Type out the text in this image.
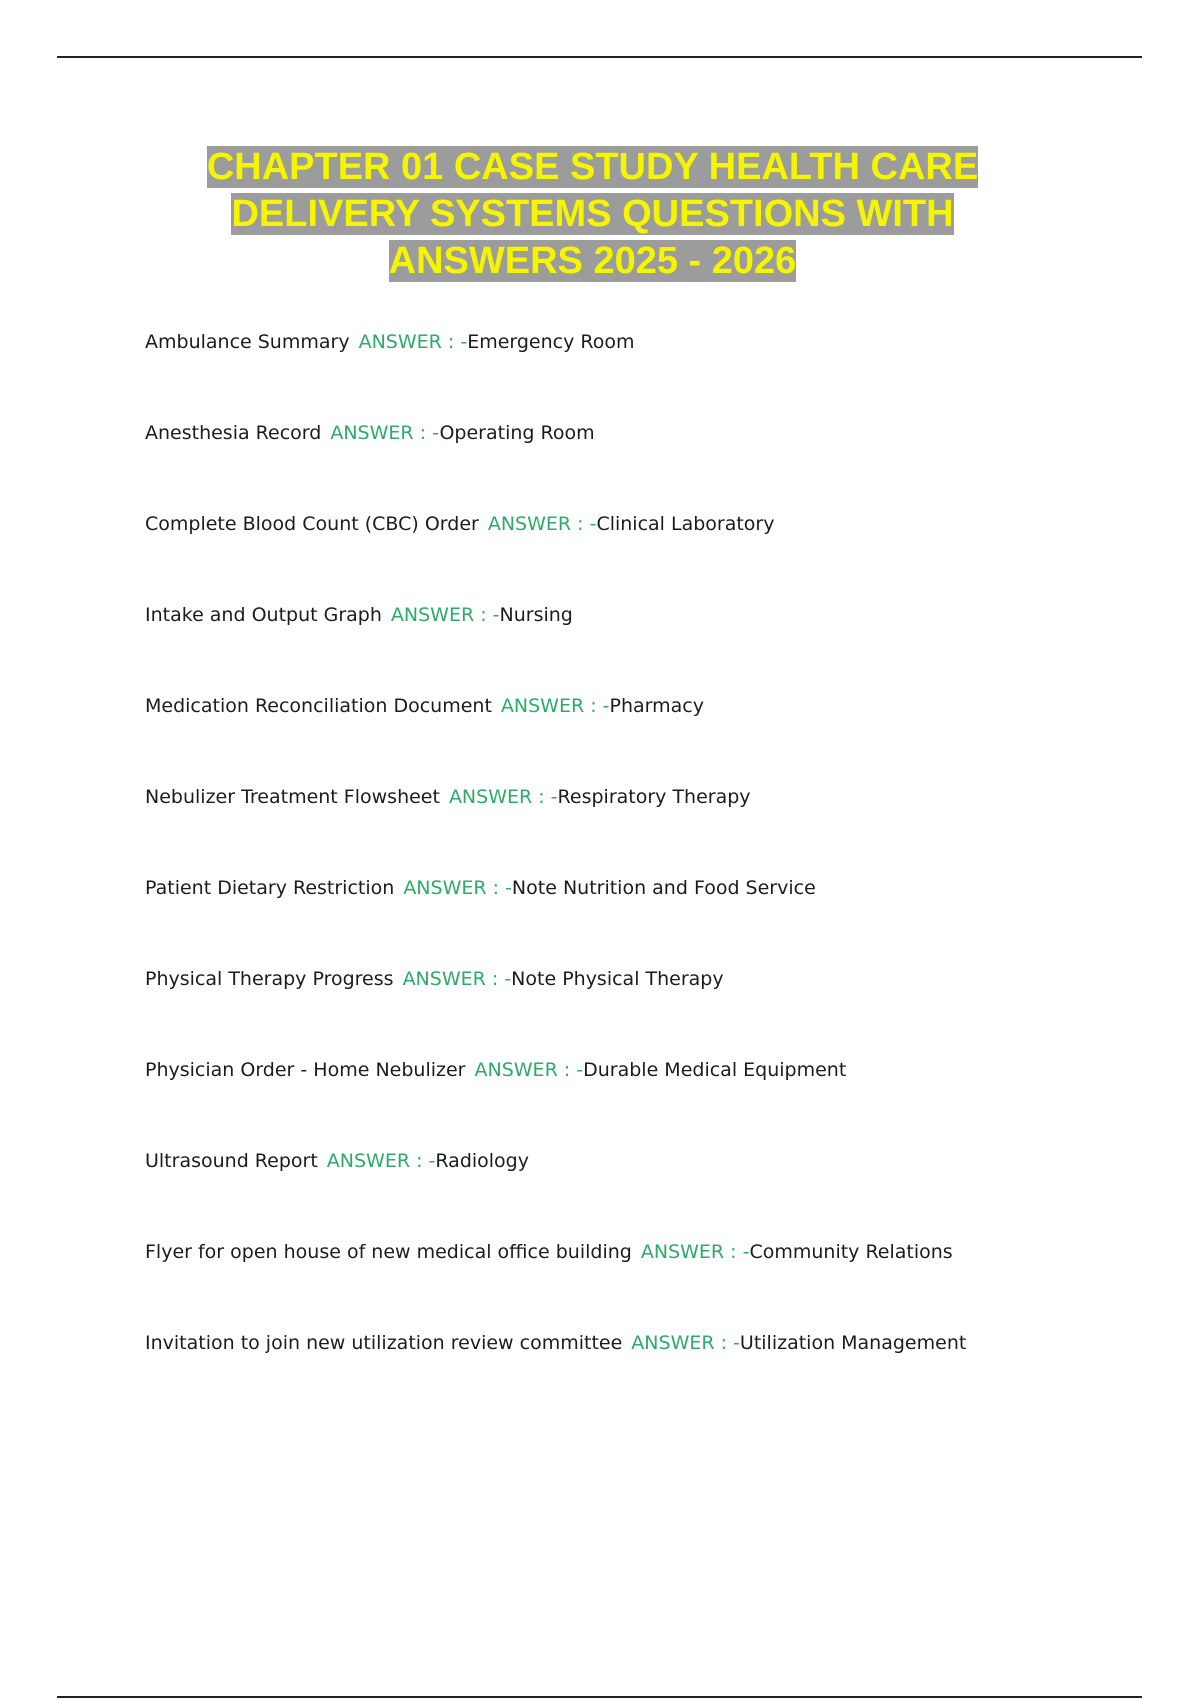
CHAPTER 01 CASE STUDY HEALTH CARE DELIVERY SYSTEMS QUESTIONS WITH ANSWERS 2025 - 2026
Ambulance Summary ANSWER : -Emergency Room
Anesthesia Record ANSWER : -Operating Room
Complete Blood Count (CBC) Order ANSWER : -Clinical Laboratory
Intake and Output Graph ANSWER : -Nursing
Medication Reconciliation Document ANSWER : -Pharmacy
Nebulizer Treatment Flowsheet ANSWER : -Respiratory Therapy
Patient Dietary Restriction ANSWER : -Note Nutrition and Food Service
Physical Therapy Progress ANSWER : -Note Physical Therapy
Physician Order - Home Nebulizer ANSWER : -Durable Medical Equipment
Ultrasound Report ANSWER : -Radiology
Flyer for open house of new medical office building ANSWER : -Community Relations
Invitation to join new utilization review committee ANSWER : -Utilization Management
